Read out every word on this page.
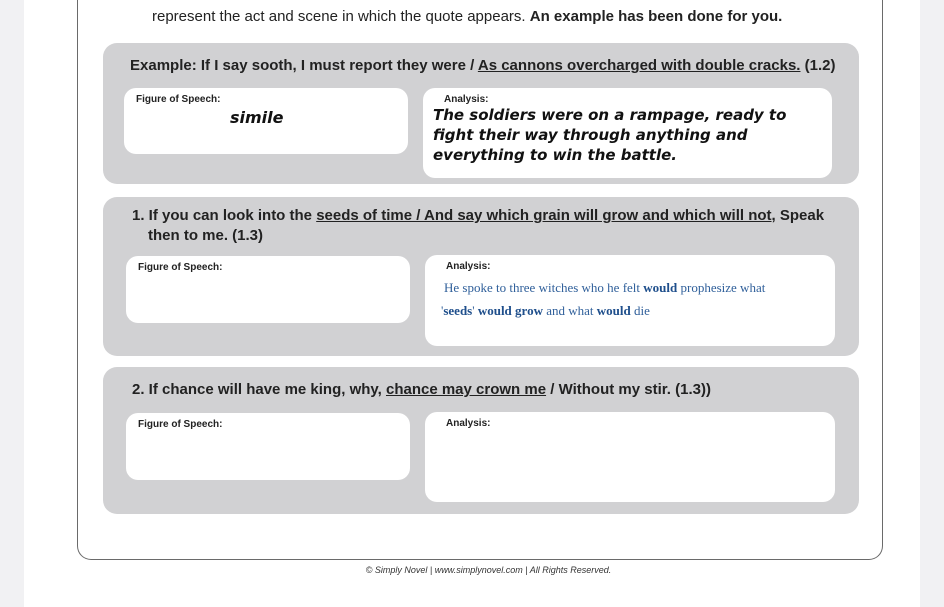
represent the act and scene in which the quote appears. An example has been done for you.
Example: If I say sooth, I must report they were / As cannons overcharged with double cracks. (1.2)
Figure of Speech:
simile
Analysis:
The soldiers were on a rampage, ready to fight their way through anything and everything to win the battle.
1. If you can look into the seeds of time / And say which grain will grow and which will not, Speak
then to me. (1.3)
Figure of Speech:	Analysis:
He spoke to three witches who he felt would prophesize what
'seeds' would grow and what would die
2. If chance will have me king, why, chance may crown me / Without my stir. (1.3))
Figure of Speech:	Analysis:
© Simply Novel | www.simplynovel.com | All Rights Reserved.
